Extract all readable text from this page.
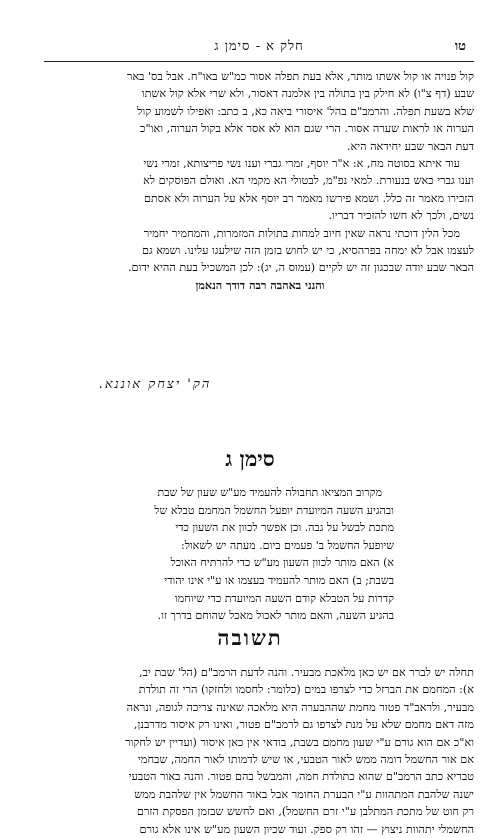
טו
חלק א - סימן ג
קול פנויה או קול אשתו מותר, אלא בעת תפלה אסור כמ"ש באו"ח. אבל בס' באר
שבע (דף צ"ו) לא חילק בין בתולה בין אלמנה דאסור, ולא שרי אלא קול אשתו
שלא בשעת תפלה. והרמב"ם בהל' איסורי ביאה כא, ב כתב: ואפילו לשמוע קול
הערוה או לראות שערה אסור. הרי שגם הוא לא אסר אלא בקול הערוה, ואו"כ
דעת הבאר שבע יחידאה היא.
עוד איתא בסוטה מח, א: א"ר יוסף, זמרי גברי וענו נשי פריצותא, זמרי נשי
וענו גברי כאש בנעורת. למאי נפ"מ, לבטולי הא מקמי הא. ואולם הפוסקים לא
הזכירו מאמר זה כלל. ושמא פירשו מאמר רב יוסף אלא על הערוה ולא אסתם
נשים, ולכך לא חשו להזכיר דבריו.
מכל הלין דוכתי נראה שאין חיוב למחות בתולות המזמרות, והמחמיר יחמיר
לעצמו אבל לא ימחה בפרהסיא, כי יש לחוש בזמן הזה שילעגו עלינו. ושמא גם
הבאר שבע יודה שבכגון זה יש לקיים (עמוס ה, יג): לכן המשכיל בעת ההיא ידום.
והנני באהבה רבה דודך הנאמן
הק' יצחק אוננא.
סימן ג
מקרוב המציאו תחבולה להעמיד מע"ש שעון של שבת
ובהגיע השעה המיועדת יופעל החשמל המחמם טבלא של
מתכת לבשל על גבה. וכן אפשר לכוון את השעון כדי
שיופעל החשמל ב' פעמים ביום. מעתה יש לשאול:
א) האם מותר לכוון השעון מע"ש כדי להרתיח האוכל
בשבת; ב) האם מותר להעמיד בעצמו או ע"י אינו יהודי
קדרות על הטבלא קודם השעה המיועדת כדי שיוחמו
בהגיע השעה, והאם מותר לאכול מאכל שהוחם בדרך זו.
תשובה
תחלה יש לברר אם יש כאן מלאכת מבעיר. והנה לדעת הרמב"ם (הל' שבת יב,
א): המחמם את הברזל כדי לצרפו במים (כלומר: לחסמו ולחזקו) הרי זה תולדת
מבעיר, ולראב"ד פטור מחמת שההבערה היא מלאכה שאינה צריכה לגופה, ונראה
מזה דאם מחמם שלא על מנת לצרפו גם לרמב"ם פטור, ואינו רק איסור מדרבנן,
וא"כ אם הוא גורם ע"י שעון מחמם בשבת, בודאי אין כאן איסור (ועדיין יש לחקור
אם אור החשמל דומה ממש לאור הטבעי, או שיש לדמותו לאור החמה, שבחמי
טבריא כתב הרמב"ם שהוא כתולדת חמה, והמבשל בהם פטור. והנה באור הטבעי
ישנה שלהבת המתהוות ע"י הבערת החומר אבל באור החשמל אין שלהבת ממש
רק חוט של מתכת המתלבן ע"י זרם החשמל), ואם לחשש שבזמן הפסקת הזרם
החשמלי יתהוות ניצוץ — זהו רק ספק. ועוד שכיון השעון מע"ש אינו אלא גורם
